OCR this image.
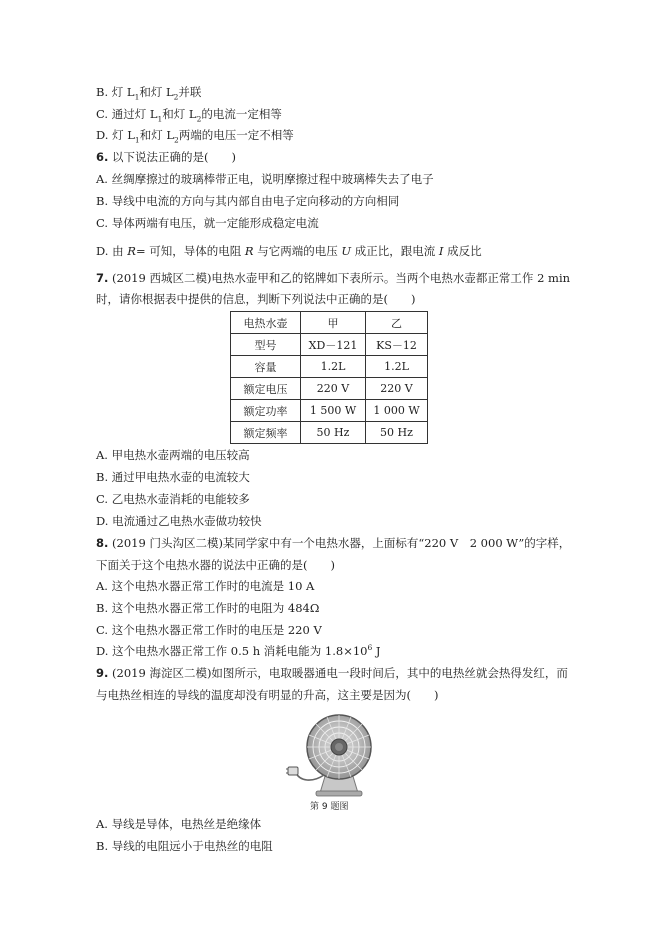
B. 灯 $L_1$和灯 $L_2$并联
C. 通过灯 $L_1$和灯 $L_2$的电流一定相等
D. 灯 $L_1$和灯 $L_2$两端的电压一定不相等
6. 以下说法正确的是(　　)
A. 丝绸摩擦过的玻璃棒带正电，说明摩擦过程中玻璃棒失去了电子
B. 导线中电流的方向与其内部自由电子定向移动的方向相同
C. 导体两端有电压，就一定能形成稳定电流
D. 由 R= 可知，导体的电阻 R 与它两端的电压 U 成正比，跟电流 I 成反比
7. (2019 西城区二模)电热水壶甲和乙的铭牌如下表所示。当两个电热水壶都正常工作 2 min
时，请你根据表中提供的信息，判断下列说法中正确的是(　　)
电热水壶	甲	乙
型号	XD－121	KS－12
容量	1.2L	1.2L
额定电压	220 V	220 V
额定功率	1 500 W	1 000 W
额定频率	50 Hz	50 Hz
A. 甲电热水壶两端的电压较高
B. 通过甲电热水壶的电流较大
C. 乙电热水壶消耗的电能较多
D. 电流通过乙电热水壶做功较快
8. (2019 门头沟区二模)某同学家中有一个电热水器，上面标有“220 V　2 000 W”的字样，
下面关于这个电热水器的说法中正确的是(　　)
A. 这个电热水器正常工作时的电流是 10 A
B. 这个电热水器正常工作时的电阻为 484Ω
C. 这个电热水器正常工作时的电压是 220 V
D. 这个电热水器正常工作 0.5 h 消耗电能为 $1.8\times 10^6$ J
9. (2019 海淀区二模)如图所示，电取暖器通电一段时间后，其中的电热丝就会热得发红，而
与电热丝相连的导线的温度却没有明显的升高，这主要是因为(　　)
第 9 题图
A. 导线是导体，电热丝是绝缘体
B. 导线的电阻远小于电热丝的电阻
